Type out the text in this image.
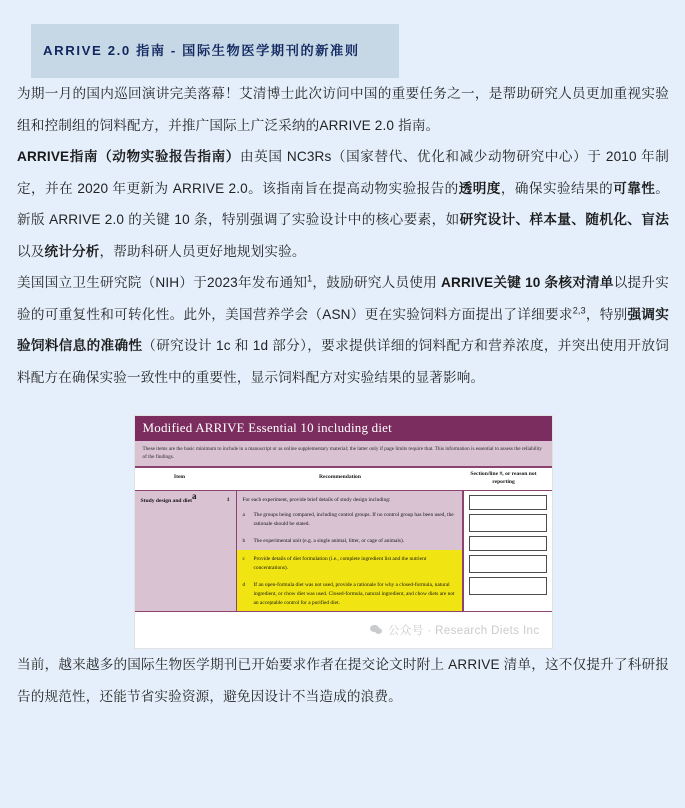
ARRIVE 2.0 指南 - 国际生物医学期刊的新准则

为期一月的国内巡回演讲完美落幕！艾清博士此次访问中国的重要任务之一，是帮助研究人员更加重视实验组和控制组的饲料配方，并推广国际上广泛采纳的ARRIVE 2.0 指南。

ARRIVE指南（动物实验报告指南）由英国 NC3Rs（国家替代、优化和减少动物研究中心）于 2010 年制定，并在 2020 年更新为 ARRIVE 2.0。该指南旨在提高动物实验报告的透明度，确保实验结果的可靠性。新版 ARRIVE 2.0 的关键 10 条，特别强调了实验设计中的核心要素，如研究设计、样本量、随机化、盲法以及统计分析，帮助科研人员更好地规划实验。

美国国立卫生研究院（NIH）于2023年发布通知$^1$，鼓励研究人员使用 ARRIVE关键 10 条核对清单以提升实验的可重复性和可转化性。此外，美国营养学会（ASN）更在实验饲料方面提出了详细要求$^{2,3}$，特别强调实验饲料信息的准确性（研究设计 1c 和 1d 部分），要求提供详细的饲料配方和营养浓度，并突出使用开放饲料配方在确保实验一致性中的重要性，显示饲料配方对实验结果的显著影响。

Modified ARRIVE Essential 10 including diet
These items are the basic minimum to include in a manuscript or as online supplementary material; the latter only if page limits require that. This information is essential to assess the reliability of the findings.
Item	Recommendation	Section/line #, or reason not reporting
Study design and diet$^a$	1 For each experiment, provide brief details of study design including:
a	The groups being compared, including control groups. If no control group has been used, the rationale should be stated.
b	The experimental unit (e.g. a single animal, litter, or cage of animals).
c	Provide details of diet formulation (i.e., complete ingredient list and the nutrient concentrations).
d	If an open-formula diet was not used, provide a rationale for why a closed-formula, natural ingredient, or chow diet was used. Closed-formula, natural ingredient, and chow diets are not an acceptable control for a purified diet.
公众号 · Research Diets Inc

当前，越来越多的国际生物医学期刊已开始要求作者在提交论文时附上 ARRIVE 清单，这不仅提升了科研报告的规范性，还能节省实验资源，避免因设计不当造成的浪费。
